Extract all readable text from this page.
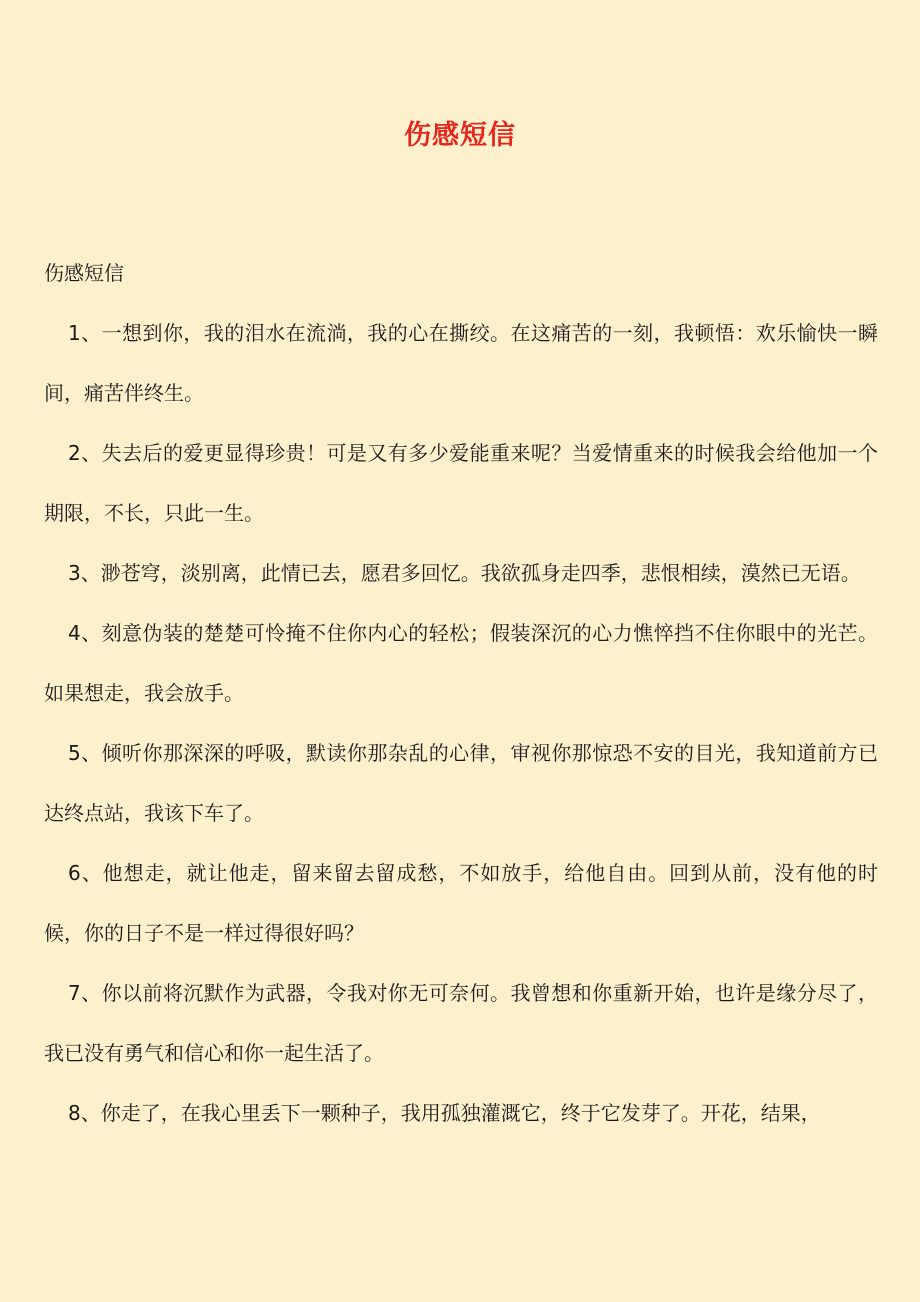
伤感短信

伤感短信

1、一想到你，我的泪水在流淌，我的心在撕绞。在这痛苦的一刻，我顿悟：欢乐愉快一瞬间，痛苦伴终生。

2、失去后的爱更显得珍贵！可是又有多少爱能重来呢？当爱情重来的时候我会给他加一个期限，不长，只此一生。

3、渺苍穹，淡别离，此情已去，愿君多回忆。我欲孤身走四季，悲恨相续，漠然已无语。

4、刻意伪装的楚楚可怜掩不住你内心的轻松；假装深沉的心力憔悴挡不住你眼中的光芒。如果想走，我会放手。

5、倾听你那深深的呼吸，默读你那杂乱的心律，审视你那惊恐不安的目光，我知道前方已达终点站，我该下车了。

6、他想走，就让他走，留来留去留成愁，不如放手，给他自由。回到从前，没有他的时候，你的日子不是一样过得很好吗？

7、你以前将沉默作为武器，令我对你无可奈何。我曾想和你重新开始，也许是缘分尽了，我已没有勇气和信心和你一起生活了。

8、你走了，在我心里丢下一颗种子，我用孤独灌溉它，终于它发芽了。开花，结果，
